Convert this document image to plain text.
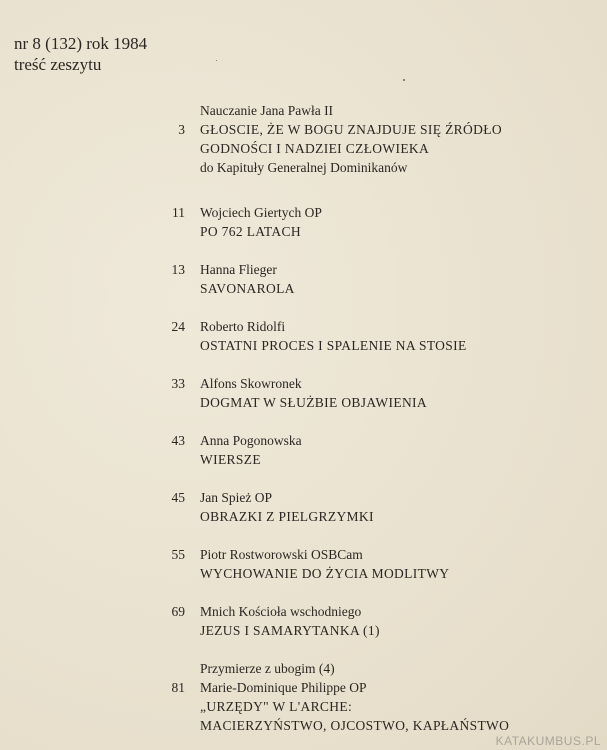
nr 8 (132) rok 1984
treść zeszytu
Nauczanie Jana Pawła II
3 GŁOSCIE, ŻE W BOGU ZNAJDUJE SIĘ ŹRÓDŁO
GODNOŚCI I NADZIEI CZŁOWIEKA
do Kapituły Generalnej Dominikanów
11 Wojciech Giertych OP
PO 762 LATACH
13 Hanna Flieger
SAVONAROLA
24 Roberto Ridolfi
OSTATNI PROCES I SPALENIE NA STOSIE
33 Alfons Skowronek
DOGMAT W SŁUŻBIE OBJAWIENIA
43 Anna Pogonowska
WIERSZE
45 Jan Spież OP
OBRAZKI Z PIELGRZYMKI
55 Piotr Rostworowski OSBCam
WYCHOWANIE DO ŻYCIA MODLITWY
69 Mnich Kościoła wschodniego
JEZUS I SAMARYTANKA (1)
Przymierze z ubogim (4)
81 Marie-Dominique Philippe OP
„URZĘDY" W L'ARCHE:
MACIERZYŃSTWO, OJCOSTWO, KAPŁAŃSTWO
KATAKUMBUS.PL
